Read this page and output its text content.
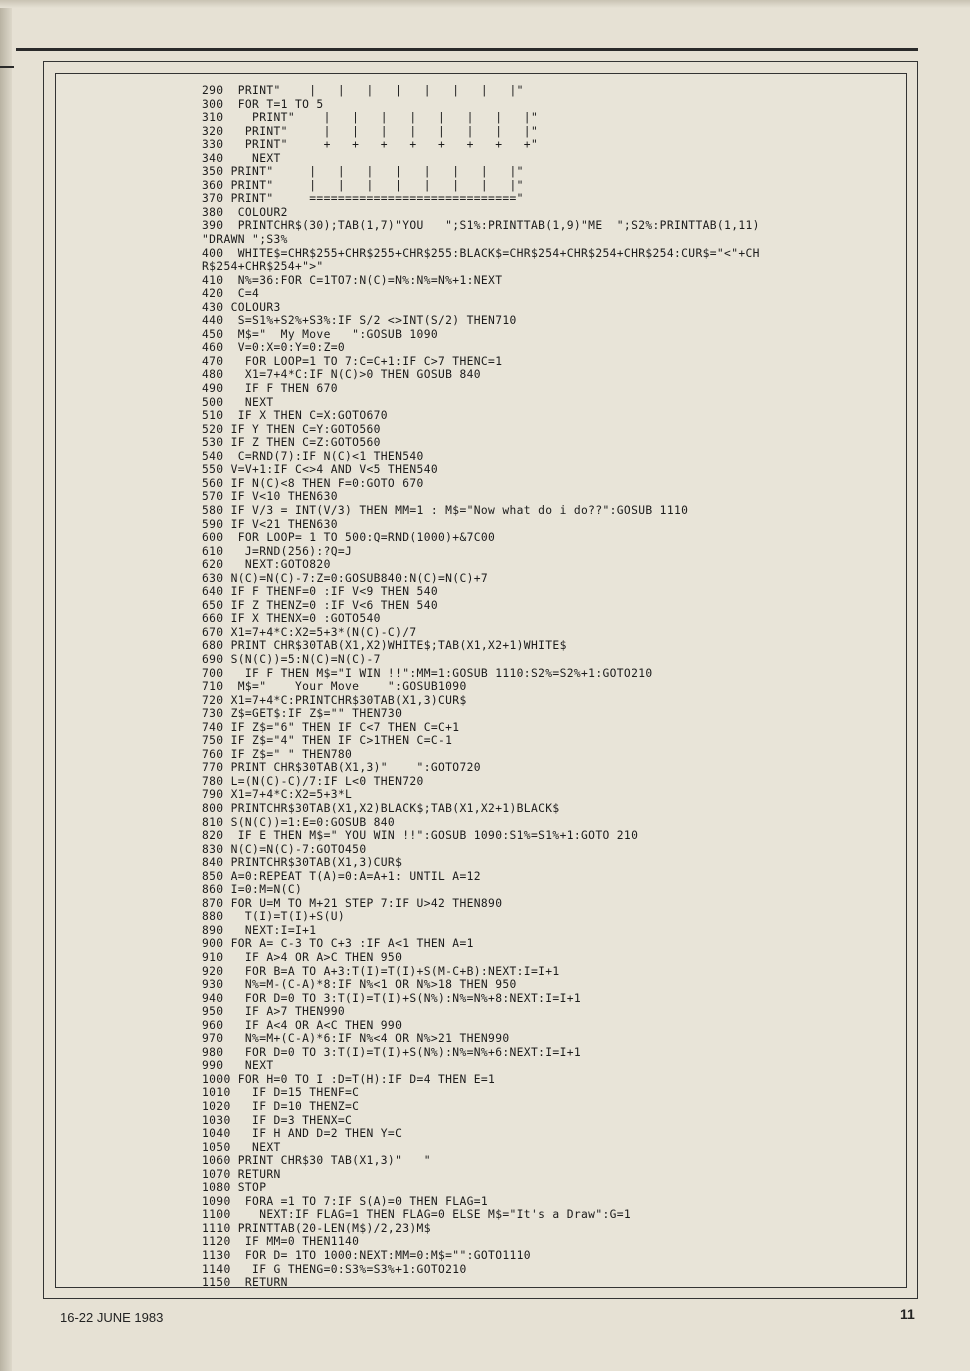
290  PRINT"    |   |   |   |   |   |   |   |"
300  FOR T=1 TO 5
310    PRINT"    |   |   |   |   |   |   |   |"
320   PRINT"     |   |   |   |   |   |   |   |"
330   PRINT"     +   +   +   +   +   +   +   +"
340    NEXT
350 PRINT"     |   |   |   |   |   |   |   |"
360 PRINT"     |   |   |   |   |   |   |   |"
370 PRINT"     ============================="
380  COLOUR2
390  PRINTCHR$(30);TAB(1,7)"YOU   ";S1%:PRINTTAB(1,9)"ME  ";S2%:PRINTTAB(1,11)
"DRAWN ";S3%
400  WHITE$=CHR$255+CHR$255+CHR$255:BLACK$=CHR$254+CHR$254+CHR$254:CUR$="<"+CH
R$254+CHR$254+">"
410  N%=36:FOR C=1TO7:N(C)=N%:N%=N%+1:NEXT
420  C=4
430 COLOUR3
440  S=S1%+S2%+S3%:IF S/2 <>INT(S/2) THEN710
450  M$="  My Move   ":GOSUB 1090
460  V=0:X=0:Y=0:Z=0
470   FOR LOOP=1 TO 7:C=C+1:IF C>7 THENC=1
480   X1=7+4*C:IF N(C)>0 THEN GOSUB 840
490   IF F THEN 670
500   NEXT
510  IF X THEN C=X:GOTO670
520 IF Y THEN C=Y:GOTO560
530 IF Z THEN C=Z:GOTO560
540  C=RND(7):IF N(C)<1 THEN540
550 V=V+1:IF C<>4 AND V<5 THEN540
560 IF N(C)<8 THEN F=0:GOTO 670
570 IF V<10 THEN630
580 IF V/3 = INT(V/3) THEN MM=1 : M$="Now what do i do??":GOSUB 1110
590 IF V<21 THEN630
600  FOR LOOP= 1 TO 500:Q=RND(1000)+&7C00
610   J=RND(256):?Q=J
620   NEXT:GOTO820
630 N(C)=N(C)-7:Z=0:GOSUB840:N(C)=N(C)+7
640 IF F THENF=0 :IF V<9 THEN 540
650 IF Z THENZ=0 :IF V<6 THEN 540
660 IF X THENX=0 :GOTO540
670 X1=7+4*C:X2=5+3*(N(C)-C)/7
680 PRINT CHR$30TAB(X1,X2)WHITE$;TAB(X1,X2+1)WHITE$
690 S(N(C))=5:N(C)=N(C)-7
700   IF F THEN M$="I WIN !!":MM=1:GOSUB 1110:S2%=S2%+1:GOTO210
710  M$="    Your Move    ":GOSUB1090
720 X1=7+4*C:PRINTCHR$30TAB(X1,3)CUR$
730 Z$=GET$:IF Z$="" THEN730
740 IF Z$="6" THEN IF C<7 THEN C=C+1
750 IF Z$="4" THEN IF C>1THEN C=C-1
760 IF Z$=" " THEN780
770 PRINT CHR$30TAB(X1,3)"    ":GOTO720
780 L=(N(C)-C)/7:IF L<0 THEN720
790 X1=7+4*C:X2=5+3*L
800 PRINTCHR$30TAB(X1,X2)BLACK$;TAB(X1,X2+1)BLACK$
810 S(N(C))=1:E=0:GOSUB 840
820  IF E THEN M$=" YOU WIN !!":GOSUB 1090:S1%=S1%+1:GOTO 210
830 N(C)=N(C)-7:GOTO450
840 PRINTCHR$30TAB(X1,3)CUR$
850 A=0:REPEAT T(A)=0:A=A+1: UNTIL A=12
860 I=0:M=N(C)
870 FOR U=M TO M+21 STEP 7:IF U>42 THEN890
880   T(I)=T(I)+S(U)
890   NEXT:I=I+1
900 FOR A= C-3 TO C+3 :IF A<1 THEN A=1
910   IF A>4 OR A>C THEN 950
920   FOR B=A TO A+3:T(I)=T(I)+S(M-C+B):NEXT:I=I+1
930   N%=M-(C-A)*8:IF N%<1 OR N%>18 THEN 950
940   FOR D=0 TO 3:T(I)=T(I)+S(N%):N%=N%+8:NEXT:I=I+1
950   IF A>7 THEN990
960   IF A<4 OR A<C THEN 990
970   N%=M+(C-A)*6:IF N%<4 OR N%>21 THEN990
980   FOR D=0 TO 3:T(I)=T(I)+S(N%):N%=N%+6:NEXT:I=I+1
990   NEXT
1000 FOR H=0 TO I :D=T(H):IF D=4 THEN E=1
1010   IF D=15 THENF=C
1020   IF D=10 THENZ=C
1030   IF D=3 THENX=C
1040   IF H AND D=2 THEN Y=C
1050   NEXT
1060 PRINT CHR$30 TAB(X1,3)"   "
1070 RETURN
1080 STOP
1090  FORA =1 TO 7:IF S(A)=0 THEN FLAG=1
1100    NEXT:IF FLAG=1 THEN FLAG=0 ELSE M$="It's a Draw":G=1
1110 PRINTTAB(20-LEN(M$)/2,23)M$
1120  IF MM=0 THEN1140
1130  FOR D= 1TO 1000:NEXT:MM=0:M$="":GOTO1110
1140   IF G THENG=0:S3%=S3%+1:GOTO210
1150  RETURN
16-22 JUNE 1983	11
